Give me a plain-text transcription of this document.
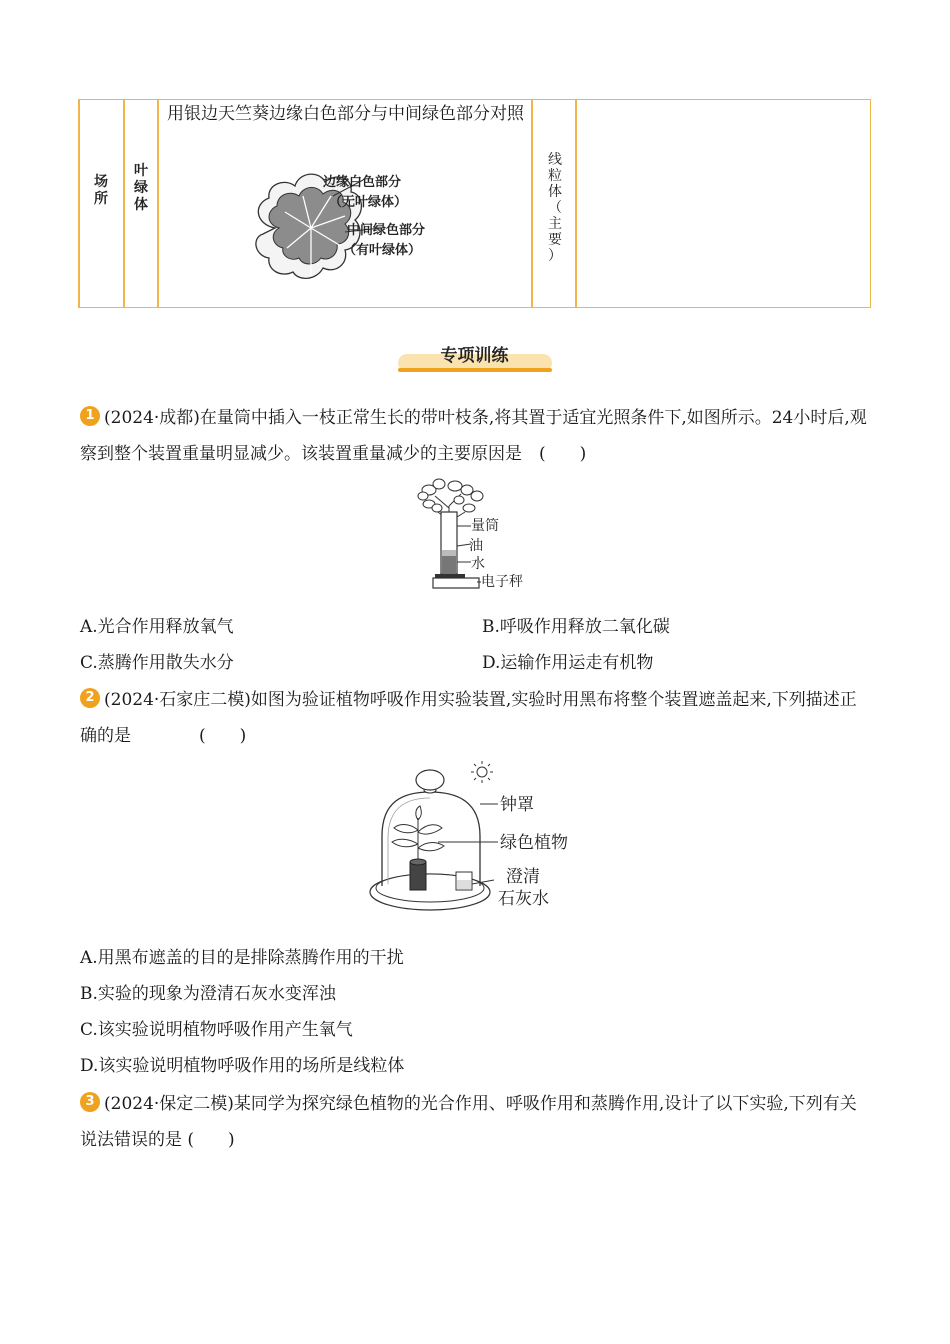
场
所
叶
绿
体
线
粒
体
（
主
要
）
用银边天竺葵边缘白色部分与中间绿色部分对照
边缘白色部分
（无叶绿体）
中间绿色部分
（有叶绿体）
专项训练
1 (2024·成都)在量筒中插入一枝正常生长的带叶枝条,将其置于适宜光照条件下,如图所示。24小时后,观察到整个装置重量明显减少。该装置重量减少的主要原因是　(　　)
量筒
油
水
电子秤
A.光合作用释放氧气	B.呼吸作用释放二氧化碳
C.蒸腾作用散失水分	D.运输作用运走有机物
2 (2024·石家庄二模)如图为验证植物呼吸作用实验装置,实验时用黑布将整个装置遮盖起来,下列描述正确的是　　　　(　　)
钟罩
绿色植物
澄清
石灰水
A.用黑布遮盖的目的是排除蒸腾作用的干扰
B.实验的现象为澄清石灰水变浑浊
C.该实验说明植物呼吸作用产生氧气
D.该实验说明植物呼吸作用的场所是线粒体
3 (2024·保定二模)某同学为探究绿色植物的光合作用、呼吸作用和蒸腾作用,设计了以下实验,下列有关说法错误的是 (　　)
